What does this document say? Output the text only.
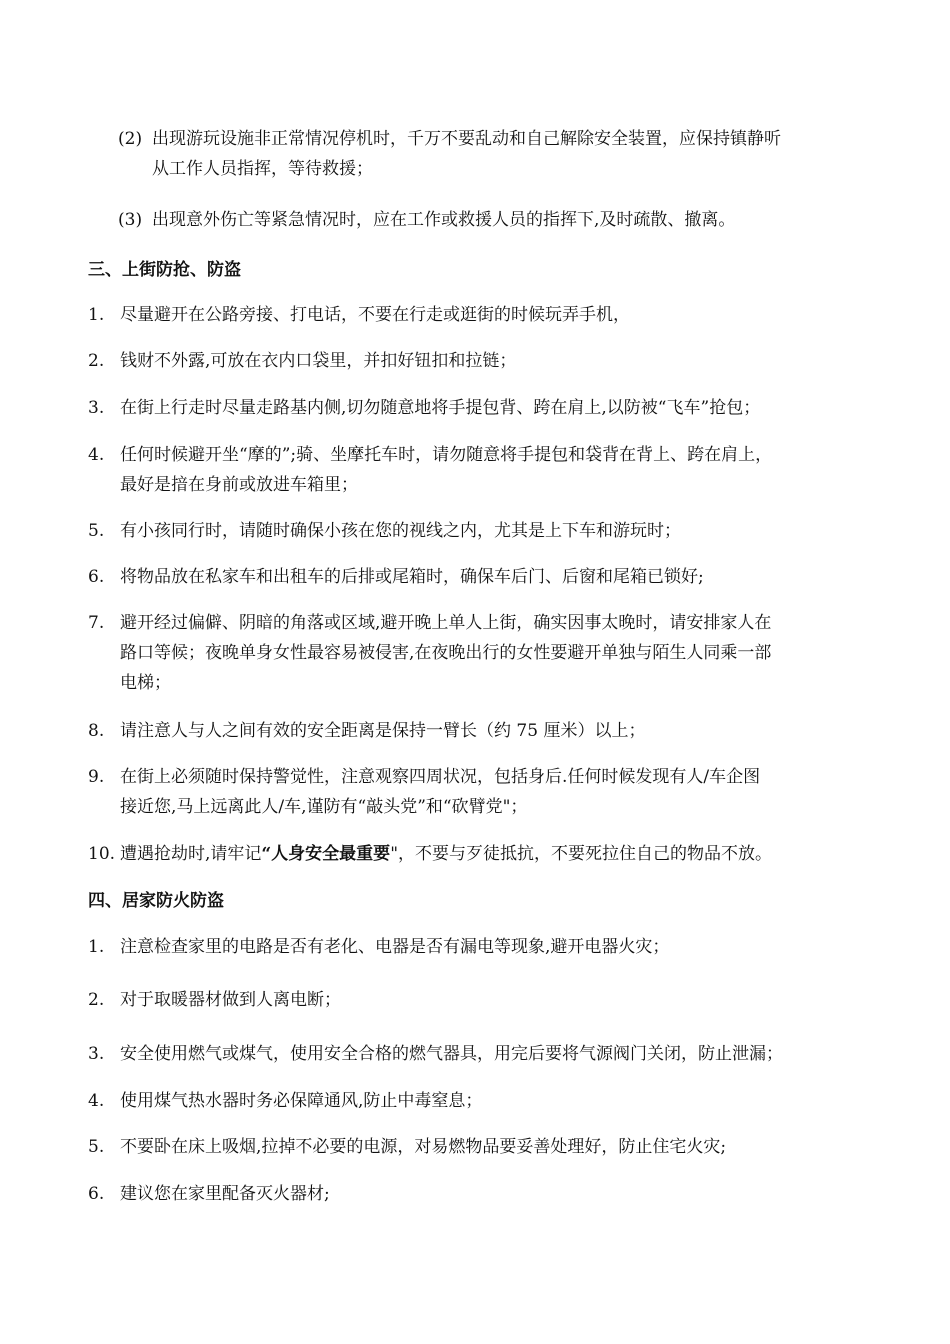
(2) 出现游玩设施非正常情况停机时，千万不要乱动和自己解除安全装置，应保持镇静听
从工作人员指挥，等待救援；
(3) 出现意外伤亡等紧急情况时，应在工作或救援人员的指挥下,及时疏散、撤离。
三、上街防抢、防盗
1. 尽量避开在公路旁接、打电话，不要在行走或逛街的时候玩弄手机，
2. 钱财不外露,可放在衣内口袋里，并扣好钮扣和拉链；
3. 在街上行走时尽量走路基内侧,切勿随意地将手提包背、跨在肩上,以防被“飞车”抢包；
4. 任何时候避开坐“摩的”;骑、坐摩托车时，请勿随意将手提包和袋背在背上、跨在肩上，
最好是揞在身前或放进车箱里；
5. 有小孩同行时，请随时确保小孩在您的视线之内，尤其是上下车和游玩时；
6. 将物品放在私家车和出租车的后排或尾箱时，确保车后门、后窗和尾箱已锁好;
7. 避开经过偏僻、阴暗的角落或区域,避开晚上单人上街，确实因事太晚时，请安排家人在
路口等候；夜晚单身女性最容易被侵害,在夜晚出行的女性要避开单独与陌生人同乘一部
电梯；
8. 请注意人与人之间有效的安全距离是保持一臂长（约 75 厘米）以上；
9. 在街上必须随时保持警觉性，注意观察四周状况，包括身后.任何时候发现有人/车企图
接近您,马上远离此人/车,谨防有“敲头党”和“砍臂党"；
10. 遭遇抢劫时,请牢记“人身安全最重要"，不要与歹徒抵抗，不要死拉住自己的物品不放。
四、居家防火防盗
1. 注意检查家里的电路是否有老化、电器是否有漏电等现象,避开电器火灾；
2. 对于取暖器材做到人离电断；
3. 安全使用燃气或煤气，使用安全合格的燃气器具，用完后要将气源阀门关闭，防止泄漏；
4. 使用煤气热水器时务必保障通风,防止中毒窒息；
5. 不要卧在床上吸烟,拉掉不必要的电源，对易燃物品要妥善处理好，防止住宅火灾;
6. 建议您在家里配备灭火器材;
